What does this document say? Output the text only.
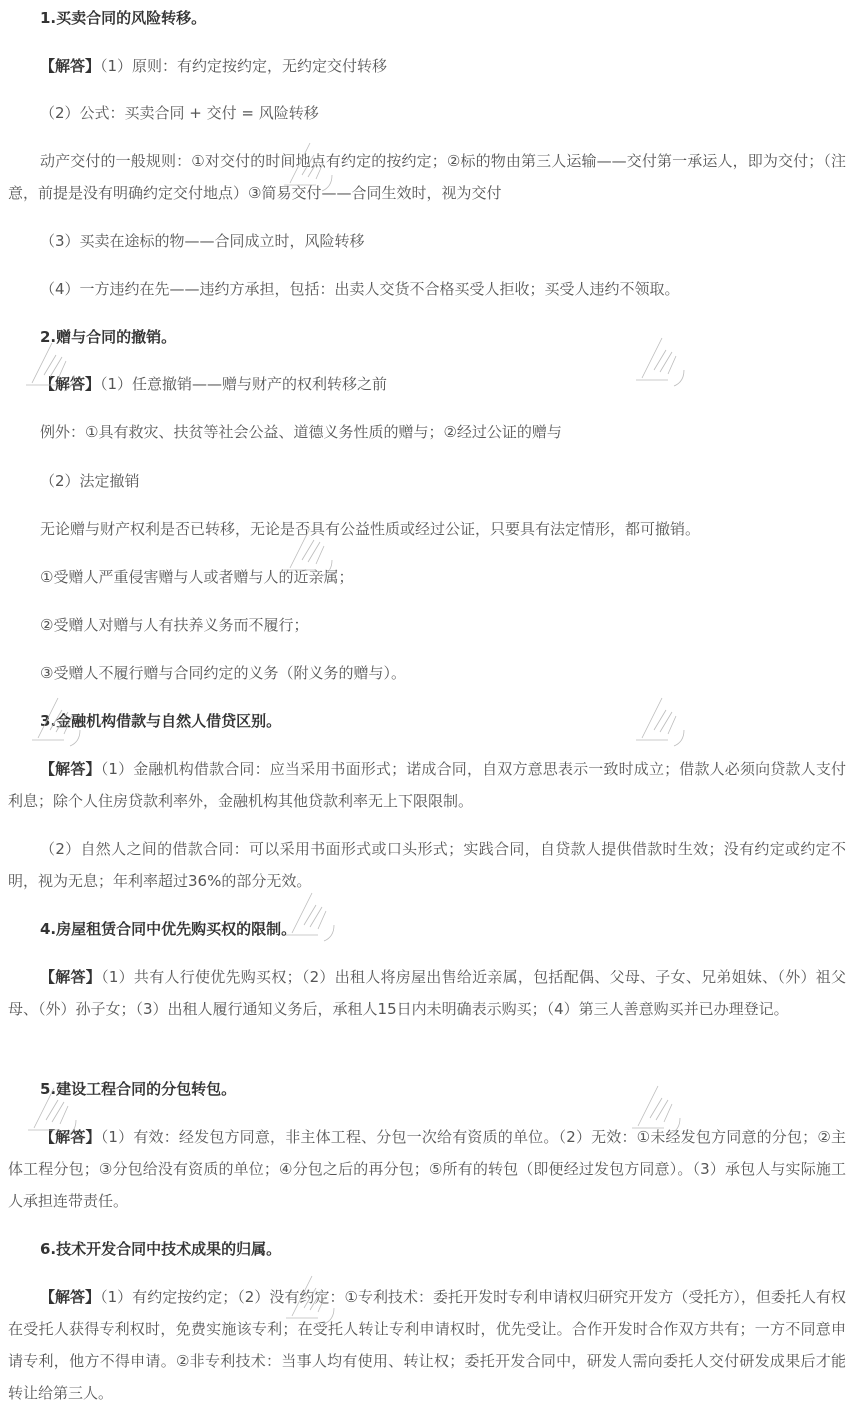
1.买卖合同的风险转移。
【解答】（1）原则：有约定按约定，无约定交付转移
（2）公式：买卖合同 + 交付 = 风险转移
动产交付的一般规则：①对交付的时间地点有约定的按约定；②标的物由第三人运输——交付第一承运人，即为交付；（注意，前提是没有明确约定交付地点）③简易交付——合同生效时，视为交付
（3）买卖在途标的物——合同成立时，风险转移
（4）一方违约在先——违约方承担，包括：出卖人交货不合格买受人拒收；买受人违约不领取。
2.赠与合同的撤销。
【解答】（1）任意撤销——赠与财产的权利转移之前
例外：①具有救灾、扶贫等社会公益、道德义务性质的赠与；②经过公证的赠与
（2）法定撤销
无论赠与财产权利是否已转移，无论是否具有公益性质或经过公证，只要具有法定情形，都可撤销。
①受赠人严重侵害赠与人或者赠与人的近亲属；
②受赠人对赠与人有扶养义务而不履行；
③受赠人不履行赠与合同约定的义务（附义务的赠与）。
3.金融机构借款与自然人借贷区别。
【解答】（1）金融机构借款合同：应当采用书面形式；诺成合同，自双方意思表示一致时成立；借款人必须向贷款人支付利息；除个人住房贷款利率外，金融机构其他贷款利率无上下限限制。
（2）自然人之间的借款合同：可以采用书面形式或口头形式；实践合同，自贷款人提供借款时生效；没有约定或约定不明，视为无息；年利率超过36%的部分无效。
4.房屋租赁合同中优先购买权的限制。
【解答】（1）共有人行使优先购买权；（2）出租人将房屋出售给近亲属，包括配偶、父母、子女、兄弟姐妹、（外）祖父母、（外）孙子女；（3）出租人履行通知义务后，承租人15日内未明确表示购买；（4）第三人善意购买并已办理登记。
5.建设工程合同的分包转包。
【解答】（1）有效：经发包方同意，非主体工程、分包一次给有资质的单位。（2）无效：①未经发包方同意的分包；②主体工程分包；③分包给没有资质的单位；④分包之后的再分包；⑤所有的转包（即便经过发包方同意）。（3）承包人与实际施工人承担连带责任。
6.技术开发合同中技术成果的归属。
【解答】（1）有约定按约定；（2）没有约定：①专利技术：委托开发时专利申请权归研究开发方（受托方），但委托人有权在受托人获得专利权时，免费实施该专利；在受托人转让专利申请权时，优先受让。合作开发时合作双方共有；一方不同意申请专利，他方不得申请。②非专利技术：当事人均有使用、转让权；委托开发合同中，研发人需向委托人交付研发成果后才能转让给第三人。
